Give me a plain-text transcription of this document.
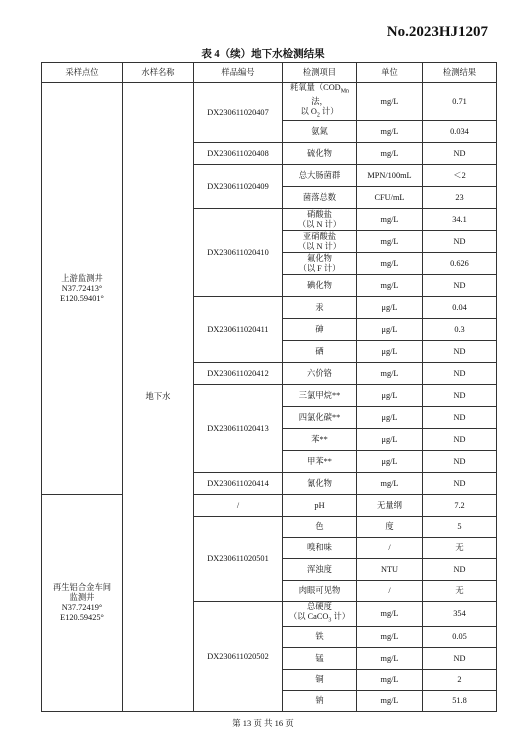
No.2023HJ1207
表 4（续）地下水检测结果
采样点位	水样名称	样品编号	检测项目	单位	检测结果
上游监测井
N37.72413°
E120.59401°	地下水	DX230611020407	耗氧量（$COD_{Mn}$法，
以 $O_2$ 计）	mg/L	0.71
			氨氮	mg/L	0.034
		DX230611020408	硫化物	mg/L	ND
		DX230611020409	总大肠菌群	MPN/100mL	＜2
			菌落总数	CFU/mL	23
		DX230611020410	硝酸盐
（以 N 计）	mg/L	34.1
			亚硝酸盐
（以 N 计）	mg/L	ND
			氟化物
（以 F 计）	mg/L	0.626
			碘化物	mg/L	ND
		DX230611020411	汞	μg/L	0.04
			砷	μg/L	0.3
			硒	μg/L	ND
		DX230611020412	六价铬	mg/L	ND
		DX230611020413	三氯甲烷**	μg/L	ND
			四氯化碳**	μg/L	ND
			苯**	μg/L	ND
			甲苯**	μg/L	ND
		DX230611020414	氰化物	mg/L	ND
再生铝合金车间
监测井
N37.72419°
E120.59425°		/	pH	无量纲	7.2
		DX230611020501	色	度	5
			嗅和味	/	无
			浑浊度	NTU	ND
			肉眼可见物	/	无
		DX230611020502	总硬度
（以 CaCO$_3$ 计）	mg/L	354
			铁	mg/L	0.05
			锰	mg/L	ND
			铜	mg/L	2
			钠	mg/L	51.8
第 13 页 共 16 页
